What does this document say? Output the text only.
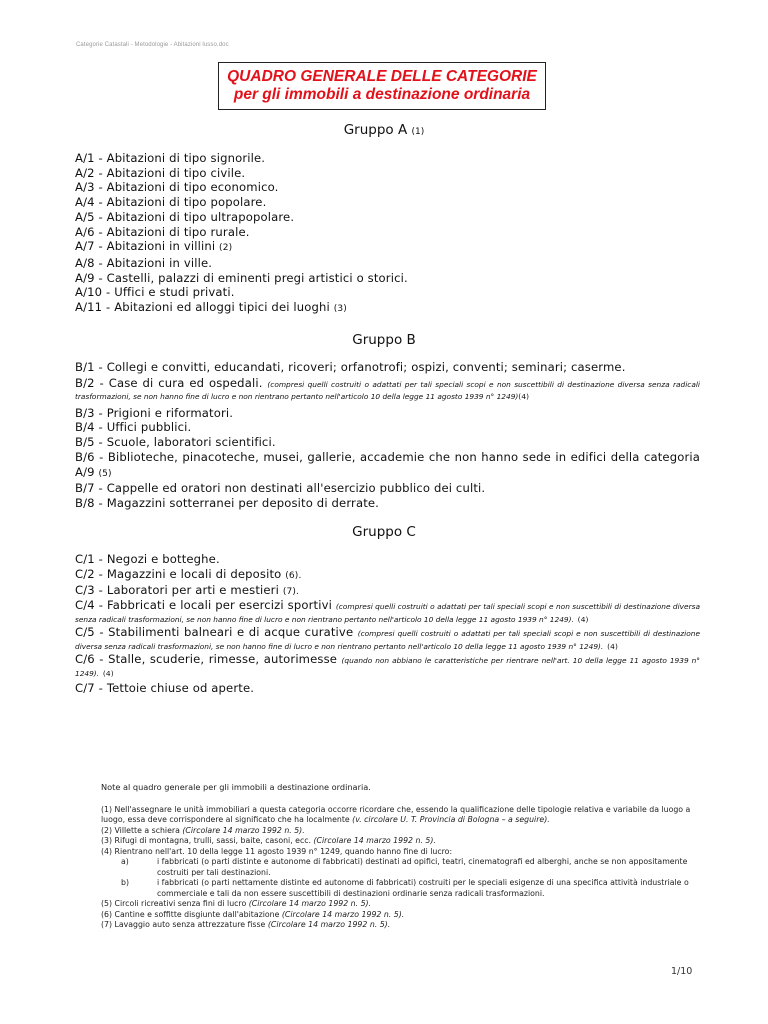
Categorie Catastali - Metodologie - Abitazioni lusso.doc
QUADRO GENERALE DELLE CATEGORIE
per gli immobili a destinazione ordinaria
Gruppo A (1)
A/1 - Abitazioni di tipo signorile.
A/2 - Abitazioni di tipo civile.
A/3 - Abitazioni di tipo economico.
A/4 - Abitazioni di tipo popolare.
A/5 - Abitazioni di tipo ultrapopolare.
A/6 - Abitazioni di tipo rurale.
A/7 - Abitazioni in villini (2)
A/8 - Abitazioni in ville.
A/9 - Castelli, palazzi di eminenti pregi artistici o storici.
A/10 - Uffici e studi privati.
A/11 - Abitazioni ed alloggi tipici dei luoghi (3)
Gruppo B
B/1 - Collegi e convitti, educandati, ricoveri; orfanotrofi; ospizi, conventi; seminari; caserme.
B/2 - Case di cura ed ospedali. (compresi quelli costruiti o adattati per tali speciali scopi e non suscettibili di destinazione diversa senza radicali trasformazioni, se non hanno fine di lucro e non rientrano pertanto nell'articolo 10 della legge 11 agosto 1939 n° 1249)(4)
B/3 - Prigioni e riformatori.
B/4 - Uffici pubblici.
B/5 - Scuole, laboratori scientifici.
B/6 - Biblioteche, pinacoteche, musei, gallerie, accademie che non hanno sede in edifici della categoria A/9 (5)
B/7 - Cappelle ed oratori non destinati all'esercizio pubblico dei culti.
B/8 - Magazzini sotterranei per deposito di derrate.
Gruppo C
C/1 - Negozi e botteghe.
C/2 - Magazzini e locali di deposito (6).
C/3 - Laboratori per arti e mestieri (7).
C/4 - Fabbricati e locali per esercizi sportivi (compresi quelli costruiti o adattati per tali speciali scopi e non suscettibili di destinazione diversa senza radicali trasformazioni, se non hanno fine di lucro e non rientrano pertanto nell'articolo 10 della legge 11 agosto 1939 n° 1249). (4)
C/5 - Stabilimenti balneari e di acque curative (compresi quelli costruiti o adattati per tali speciali scopi e non suscettibili di destinazione diversa senza radicali trasformazioni, se non hanno fine di lucro e non rientrano pertanto nell'articolo 10 della legge 11 agosto 1939 n° 1249). (4)
C/6 - Stalle, scuderie, rimesse, autorimesse (quando non abbiano le caratteristiche per rientrare nell'art. 10 della legge 11 agosto 1939 n° 1249). (4)
C/7 - Tettoie chiuse od aperte.
Note al quadro generale per gli immobili a destinazione ordinaria.
(1) Nell'assegnare le unità immobiliari a questa categoria occorre ricordare che, essendo la qualificazione delle tipologie relativa e variabile da luogo a luogo, essa deve corrispondere al significato che ha localmente (v. circolare U. T. Provincia di Bologna – a seguire).
(2) Villette a schiera (Circolare 14 marzo 1992 n. 5).
(3) Rifugi di montagna, trulli, sassi, baite, casoni, ecc. (Circolare 14 marzo 1992 n. 5).
(4) Rientrano nell'art. 10 della legge 11 agosto 1939 n° 1249, quando hanno fine di lucro:
a)	i fabbricati (o parti distinte e autonome di fabbricati) destinati ad opifici, teatri, cinematografi ed alberghi, anche se non appositamente costruiti per tali destinazioni.
b)	i fabbricati (o parti nettamente distinte ed autonome di fabbricati) costruiti per le speciali esigenze di una specifica attività industriale o commerciale e tali da non essere suscettibili di destinazioni ordinarie senza radicali trasformazioni.
(5) Circoli ricreativi senza fini di lucro (Circolare 14 marzo 1992 n. 5).
(6) Cantine e soffitte disgiunte dall'abitazione (Circolare 14 marzo 1992 n. 5).
(7) Lavaggio auto senza attrezzature fisse (Circolare 14 marzo 1992 n. 5).
1/10
